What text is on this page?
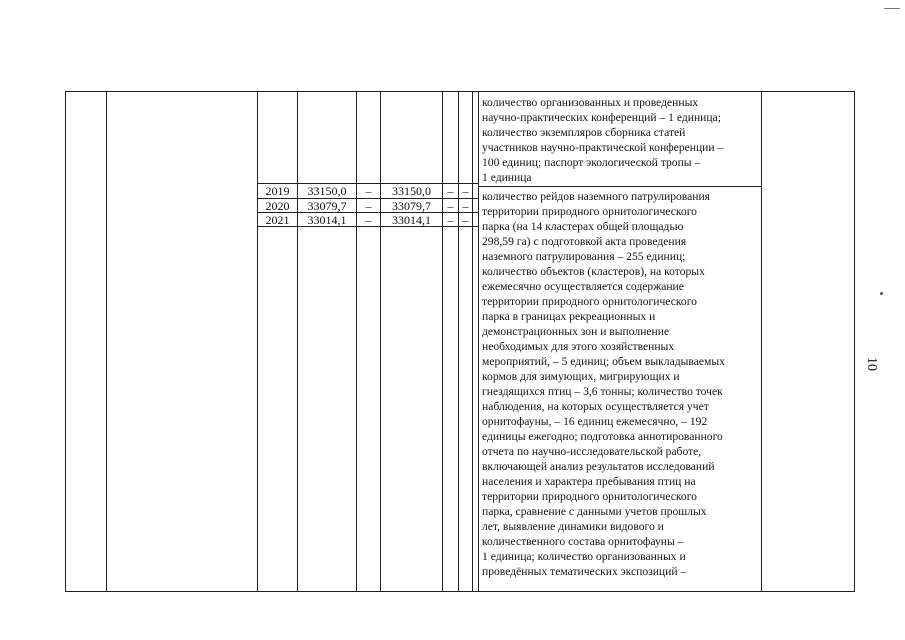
2019	33150,0	–	33150,0	– –
2020	33079,7	–	33079,7	– –
2021	33014,1	–	33014,1	– –
количество организованных и проведенных
научно-практических конференций – 1 единица;
количество экземпляров сборника статей
участников научно-практической конференции –
100 единиц; паспорт экологической тропы –
1 единица
количество рейдов наземного патрулирования
территории природного орнитологического
парка (на 14 кластерах общей площадью
298,59 га) с подготовкой акта проведения
наземного патрулирования – 255 единиц;
количество объектов (кластеров), на которых
ежемесячно осуществляется содержание
территории природного орнитологического
парка в границах рекреационных и
демонстрационных зон и выполнение
необходимых для этого хозяйственных
мероприятий, – 5 единиц; объем выкладываемых
кормов для зимующих, мигрирующих и
гнездящихся птиц – 3,6 тонны; количество точек
наблюдения, на которых осуществляется учет
орнитофауны, – 16 единиц ежемесячно, – 192
единицы ежегодно; подготовка аннотированного
отчета по научно-исследовательской работе,
включающей анализ результатов исследований
населения и характера пребывания птиц на
территории природного орнитологического
парка, сравнение с данными учетов прошлых
лет, выявление динамики видового и
количественного состава орнитофауны –
1 единица; количество организованных и
проведённых тематических экспозиций –
10
